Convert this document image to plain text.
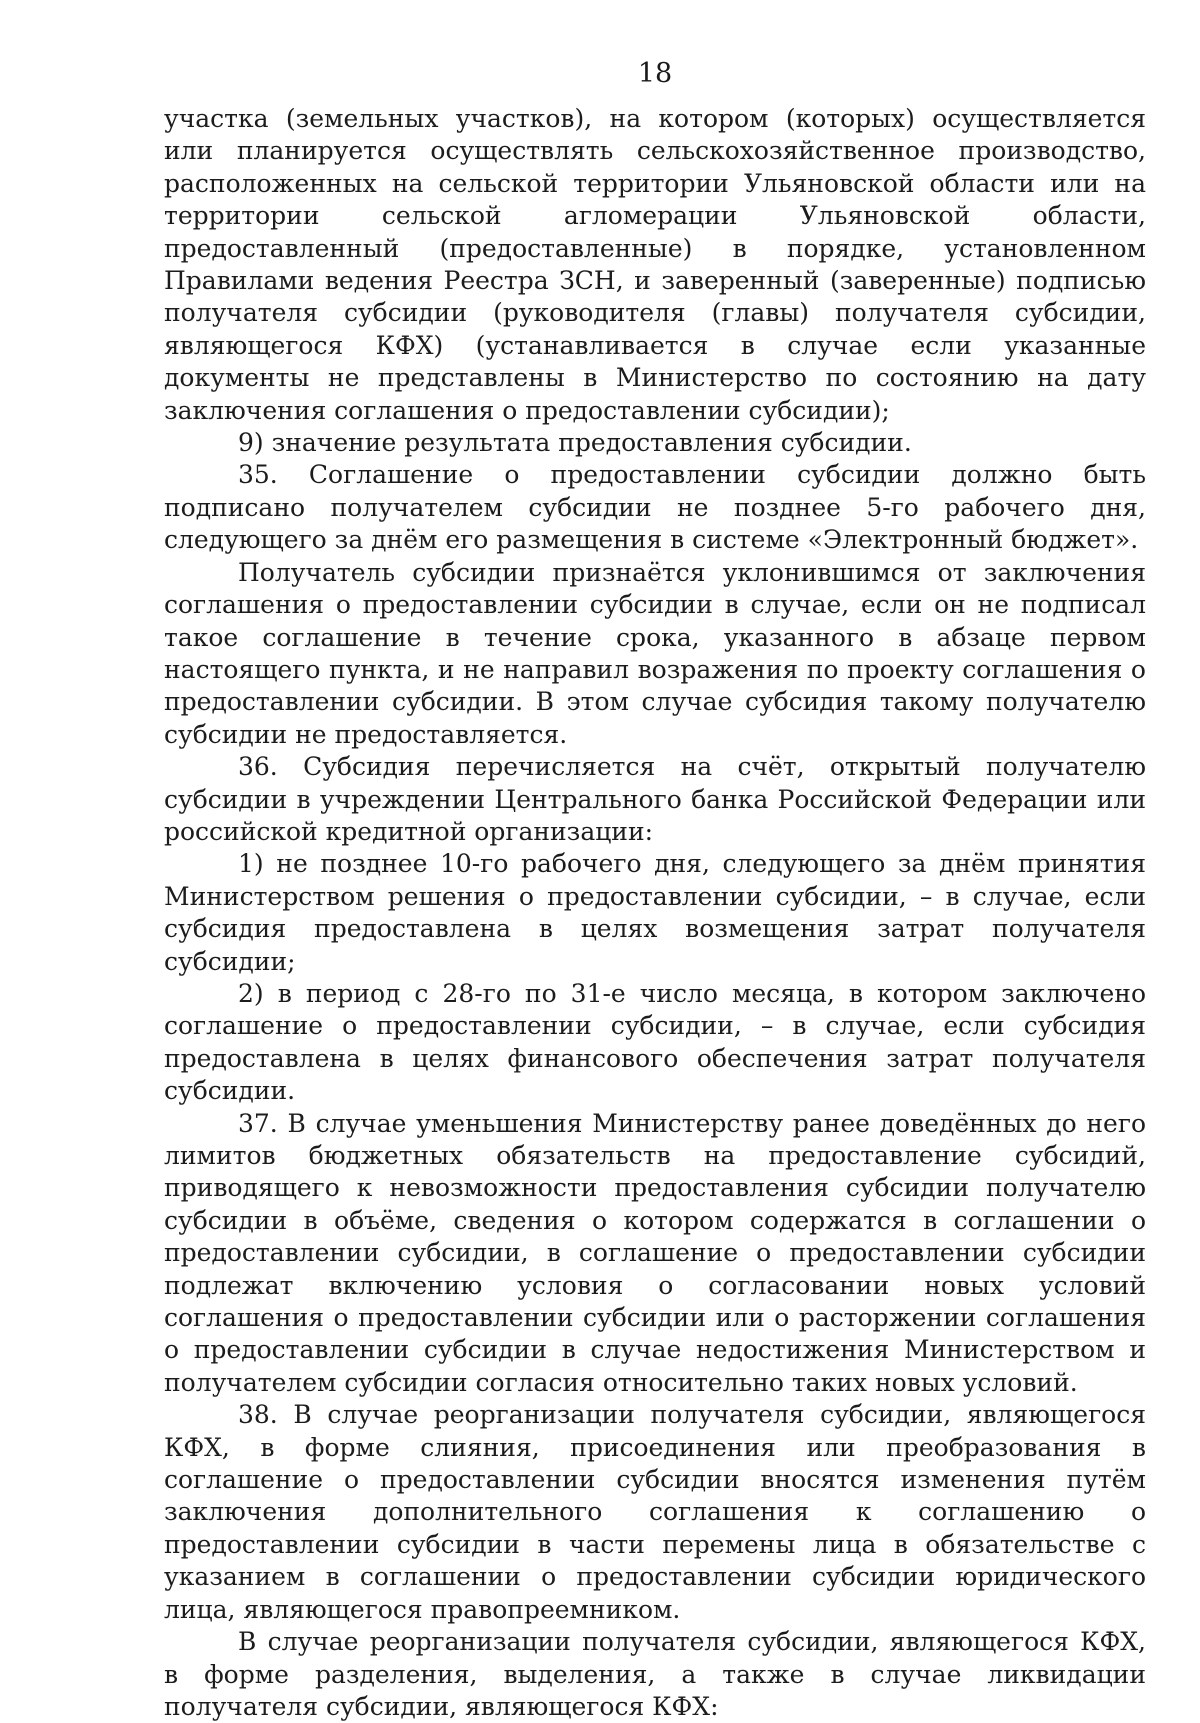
18

участка (земельных участков), на котором (которых) осуществляется или планируется осуществлять сельскохозяйственное производство, расположенных на сельской территории Ульяновской области или на территории сельской агломерации Ульяновской области, предоставленный (предоставленные) в порядке, установленном Правилами ведения Реестра ЗСН, и заверенный (заверенные) подписью получателя субсидии (руководителя (главы) получателя субсидии, являющегося КФХ) (устанавливается в случае если указанные документы не представлены в Министерство по состоянию на дату заключения соглашения о предоставлении субсидии);

9) значение результата предоставления субсидии.

35. Соглашение о предоставлении субсидии должно быть подписано получателем субсидии не позднее 5-го рабочего дня, следующего за днём его размещения в системе «Электронный бюджет».

Получатель субсидии признаётся уклонившимся от заключения соглашения о предоставлении субсидии в случае, если он не подписал такое соглашение в течение срока, указанного в абзаце первом настоящего пункта, и не направил возражения по проекту соглашения о предоставлении субсидии. В этом случае субсидия такому получателю субсидии не предоставляется.

36. Субсидия перечисляется на счёт, открытый получателю субсидии в учреждении Центрального банка Российской Федерации или российской кредитной организации:

1) не позднее 10-го рабочего дня, следующего за днём принятия Министерством решения о предоставлении субсидии, – в случае, если субсидия предоставлена в целях возмещения затрат получателя субсидии;

2) в период с 28-го по 31-е число месяца, в котором заключено соглашение о предоставлении субсидии, – в случае, если субсидия предоставлена в целях финансового обеспечения затрат получателя субсидии.

37. В случае уменьшения Министерству ранее доведённых до него лимитов бюджетных обязательств на предоставление субсидий, приводящего к невозможности предоставления субсидии получателю субсидии в объёме, сведения о котором содержатся в соглашении о предоставлении субсидии, в соглашение о предоставлении субсидии подлежат включению условия о согласовании новых условий соглашения о предоставлении субсидии или о расторжении соглашения о предоставлении субсидии в случае недостижения Министерством и получателем субсидии согласия относительно таких новых условий.

38. В случае реорганизации получателя субсидии, являющегося КФХ, в форме слияния, присоединения или преобразования в соглашение о предоставлении субсидии вносятся изменения путём заключения дополнительного соглашения к соглашению о предоставлении субсидии в части перемены лица в обязательстве с указанием в соглашении о предоставлении субсидии юридического лица, являющегося правопреемником.

В случае реорганизации получателя субсидии, являющегося КФХ, в форме разделения, выделения, а также в случае ликвидации получателя субсидии, являющегося КФХ:
